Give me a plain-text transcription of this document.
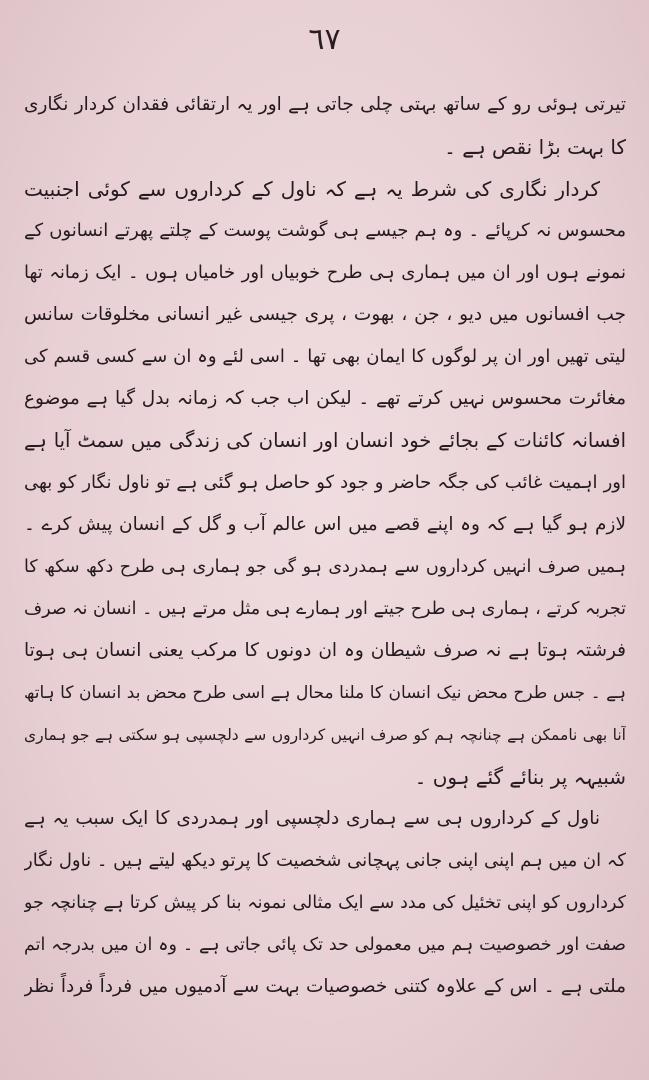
٦٧
تیرتی ہوئی رو کے ساتھ بہتی چلی جاتی ہے اور یہ ارتقائی فقدان کردار نگاری
کا بہت بڑا نقص ہے ۔
کردار نگاری کی شرط یہ ہے کہ ناول کے کرداروں سے کوئی اجنبیت
محسوس نہ کرپائے ۔ وہ ہم جیسے ہی گوشت پوست کے چلتے پھرتے انسانوں کے
نمونے ہوں اور ان میں ہماری ہی طرح خوبیاں اور خامیاں ہوں ۔ ایک زمانہ تھا
جب افسانوں میں دیو ، جن ، بھوت ، پری جیسی غیر انسانی مخلوقات سانس
لیتی تھیں اور ان پر لوگوں کا ایمان بھی تھا ۔ اسی لئے وہ ان سے کسی قسم کی
مغائرت محسوس نہیں کرتے تھے ۔ لیکن اب جب کہ زمانہ بدل گیا ہے موضوع
افسانہ کائنات کے بجائے خود انسان اور انسان کی زندگی میں سمٹ آیا ہے
اور اہمیت غائب کی جگہ حاضر و جود کو حاصل ہو گئی ہے تو ناول نگار کو بھی
لازم ہو گیا ہے کہ وہ اپنے قصے میں اس عالم آب و گل کے انسان پیش کرے ۔
ہمیں صرف انہیں کرداروں سے ہمدردی ہو گی جو ہماری ہی طرح دکھ سکھ کا
تجربہ کرتے ، ہماری ہی طرح جیتے اور ہمارے ہی مثل مرتے ہیں ۔ انسان نہ صرف
فرشتہ ہوتا ہے نہ صرف شیطان وہ ان دونوں کا مرکب یعنی انسان ہی ہوتا
ہے ۔ جس طرح محض نیک انسان کا ملنا محال ہے اسی طرح محض بد انسان کا ہاتھ
آنا بھی ناممکن ہے چنانچہ ہم کو صرف انہیں کرداروں سے دلچسپی ہو سکتی ہے جو ہماری
شبیہہ پر بنائے گئے ہوں ۔
ناول کے کرداروں ہی سے ہماری دلچسپی اور ہمدردی کا ایک سبب یہ ہے
کہ ان میں ہم اپنی اپنی جانی پہچانی شخصیت کا پرتو دیکھ لیتے ہیں ۔ ناول نگار
کرداروں کو اپنی تخئیل کی مدد سے ایک مثالی نمونہ بنا کر پیش کرتا ہے چنانچہ جو
صفت اور خصوصیت ہم میں معمولی حد تک پائی جاتی ہے ۔ وہ ان میں بدرجہ اتم
ملتی ہے ۔ اس کے علاوہ کتنی خصوصیات بہت سے آدمیوں میں فرداً فرداً نظر
